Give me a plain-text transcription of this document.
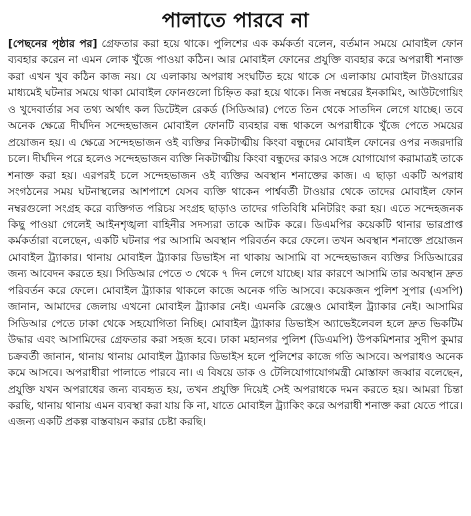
পালাতে পারবে না

[পেছনের পৃষ্ঠার পর] গ্রেফতার করা হয়ে থাকে। পুলিশের এক কর্মকর্তা বলেন, বর্তমান সময়ে মোবাইল ফোন ব্যবহার করেন না এমন লোক খুঁজে পাওয়া কঠিন। আর মোবাইল ফোনের প্রযুক্তি ব্যবহার করে অপরাধী শনাক্ত করা এখন খুব কঠিন কাজ নয়। যে এলাকায় অপরাধ সংঘটিত হয়ে থাকে সে এলাকায় মোবাইল টাওয়ারের মাধ্যমেই ঘটনার সময়ে থাকা মোবাইল ফোনগুলো চিহ্নিত করা হয়ে থাকে। নিজ নম্বরের ইনকামিং, আউটগোয়িং ও খুদেবার্তার সব তথ্য অর্থাৎ কল ডিটেইল রেকর্ড (সিডিআর) পেতে তিন থেকে সাতদিন লেগে যাচ্ছে। তবে অনেক ক্ষেত্রে দীর্ঘদিন সন্দেহভাজন মোবাইল ফোনটি ব্যবহার বন্ধ থাকলে অপরাধীকে খুঁজে পেতে সময়ের প্রয়োজন হয়। এ ক্ষেত্রে সন্দেহভাজন ওই ব্যক্তির নিকটাত্মীয় কিংবা বন্ধুদের মোবাইল ফোনের ওপর নজরদারি চলে। দীর্ঘদিন পরে হলেও সন্দেহভাজন ব্যক্তি নিকটাত্মীয় কিংবা বন্ধুদের কারও সঙ্গে যোগাযোগ করামাত্রই তাকে শনাক্ত করা হয়। এরপরই চলে সন্দেহভাজন ওই ব্যক্তির অবস্থান শনাক্তের কাজ। এ ছাড়া একটি অপরাধ সংগঠনের সময় ঘটনাস্থলের আশপাশে যেসব ব্যক্তি থাকেন পার্শ্ববর্তী টাওয়ার থেকে তাদের মোবাইল ফোন নম্বরগুলো সংগ্রহ করে ব্যক্তিগত পরিচয় সংগ্রহ ছাড়াও তাদের গতিবিধি মনিটরিং করা হয়। এতে সন্দেহজনক কিছু পাওয়া গেলেই আইনশৃঙ্খলা বাহিনীর সদস্যরা তাকে আটক করে। ডিএমপির কয়েকটি থানার ভারপ্রাপ্ত কর্মকর্তারা বলেছেন, একটি ঘটনার পর আসামি অবস্থান পরিবর্তন করে ফেলে। তখন অবস্থান শনাক্তে প্রয়োজন মোবাইল ট্র্যাকার। থানায় মোবাইল ট্র্যাকার ডিভাইস না থাকায় আসামি বা সন্দেহভাজন ব্যক্তির সিডিআরের জন্য আবেদন করতে হয়। সিডিআর পেতে ৩ থেকে ৭ দিন লেগে যাচ্ছে। যার কারণে আসামি তার অবস্থান দ্রুত পরিবর্তন করে ফেলে। মোবাইল ট্র্যাকার থাকলে কাজে অনেক গতি আসবে। কয়েকজন পুলিশ সুপার (এসপি) জানান, আমাদের জেলায় এখনো মোবাইল ট্র্যাকার নেই। এমনকি রেঞ্জেও মোবাইল ট্র্যাকার নেই। আসামির সিডিআর পেতে ঢাকা থেকে সহযোগিতা নিচ্ছি। মোবাইল ট্র্যাকার ডিভাইস অ্যাভেইলেবল হলে দ্রুত ভিকটিম উদ্ধার এবং আসামিদের গ্রেফতার করা সহজ হবে। ঢাকা মহানগর পুলিশ (ডিএমপি) উপকমিশনার সুদীপ কুমার চক্রবর্তী জানান, থানায় থানায় মোবাইল ট্র্যাকার ডিভাইস হলে পুলিশের কাজে গতি আসবে। অপরাধও অনেক কমে আসবে। অপরাধীরা পালাতে পারবে না। এ বিষয়ে ডাক ও টেলিযোগাযোগমন্ত্রী মোস্তাফা জব্বার বলেছেন, প্রযুক্তি যখন অপরাধের জন্য ব্যবহৃত হয়, তখন প্রযুক্তি দিয়েই সেই অপরাধকে দমন করতে হয়। আমরা চিন্তা করছি, থানায় থানায় এমন ব্যবস্থা করা যায় কি না, যাতে মোবাইল ট্র্যাকিং করে অপরাধী শনাক্ত করা যেতে পারে। এজন্য একটি প্রকল্প বাস্তবায়ন করার চেষ্টা করছি।
